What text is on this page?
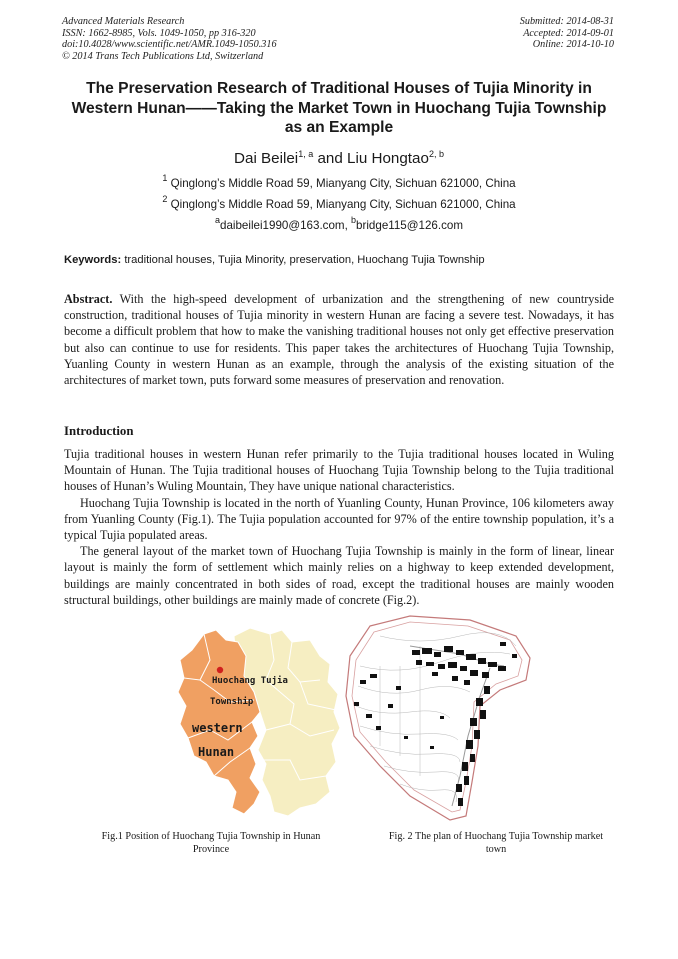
Advanced Materials Research
ISSN: 1662-8985, Vols. 1049-1050, pp 316-320
doi:10.4028/www.scientific.net/AMR.1049-1050.316
© 2014 Trans Tech Publications Ltd, Switzerland
Submitted: 2014-08-31
Accepted: 2014-09-01
Online: 2014-10-10
The Preservation Research of Traditional Houses of Tujia Minority in
Western Hunan——Taking the Market Town in Huochang Tujia Township
as an Example
Dai Beilei$^{1, a}$ and Liu Hongtao$^{2, b}$
$^1$ Qinglong’s Middle Road 59, Mianyang City, Sichuan 621000, China
$^2$ Qinglong’s Middle Road 59, Mianyang City, Sichuan 621000, China
$^a$daibeilei1990@163.com, $^b$bridge115@126.com
Keywords: traditional houses, Tujia Minority, preservation, Huochang Tujia Township
Abstract. With the high-speed development of urbanization and the strengthening of new countryside construction, traditional houses of Tujia minority in western Hunan are facing a severe test. Nowadays, it has become a difficult problem that how to make the vanishing traditional houses not only get effective preservation but also can continue to use for residents. This paper takes the architectures of Huochang Tujia Township, Yuanling County in western Hunan as an example, through the analysis of the existing situation of the architectures of market town, puts forward some measures of preservation and renovation.
Introduction
Tujia traditional houses in western Hunan refer primarily to the Tujia traditional houses located in Wuling Mountain of Hunan. The Tujia traditional houses of Huochang Tujia Township belong to the Tujia traditional houses of Hunan’s Wuling Mountain, They have unique national characteristics.
Huochang Tujia Township is located in the north of Yuanling County, Hunan Province, 106 kilometers away from Yuanling County (Fig.1). The Tujia population accounted for 97% of the entire township population, it’s a typical Tujia populated areas.
The general layout of the market town of Huochang Tujia Township is mainly in the form of linear, linear layout is mainly the form of settlement which mainly relies on a highway to keep extended development, buildings are mainly concentrated in both sides of road, except the traditional houses are mainly wooden structural buildings, other buildings are mainly made of concrete (Fig.2).
Huochang Tujia
Township
western
Hunan
Fig.1 Position of Huochang Tujia Township in Hunan
Province
Fig. 2 The plan of Huochang Tujia Township market
town
